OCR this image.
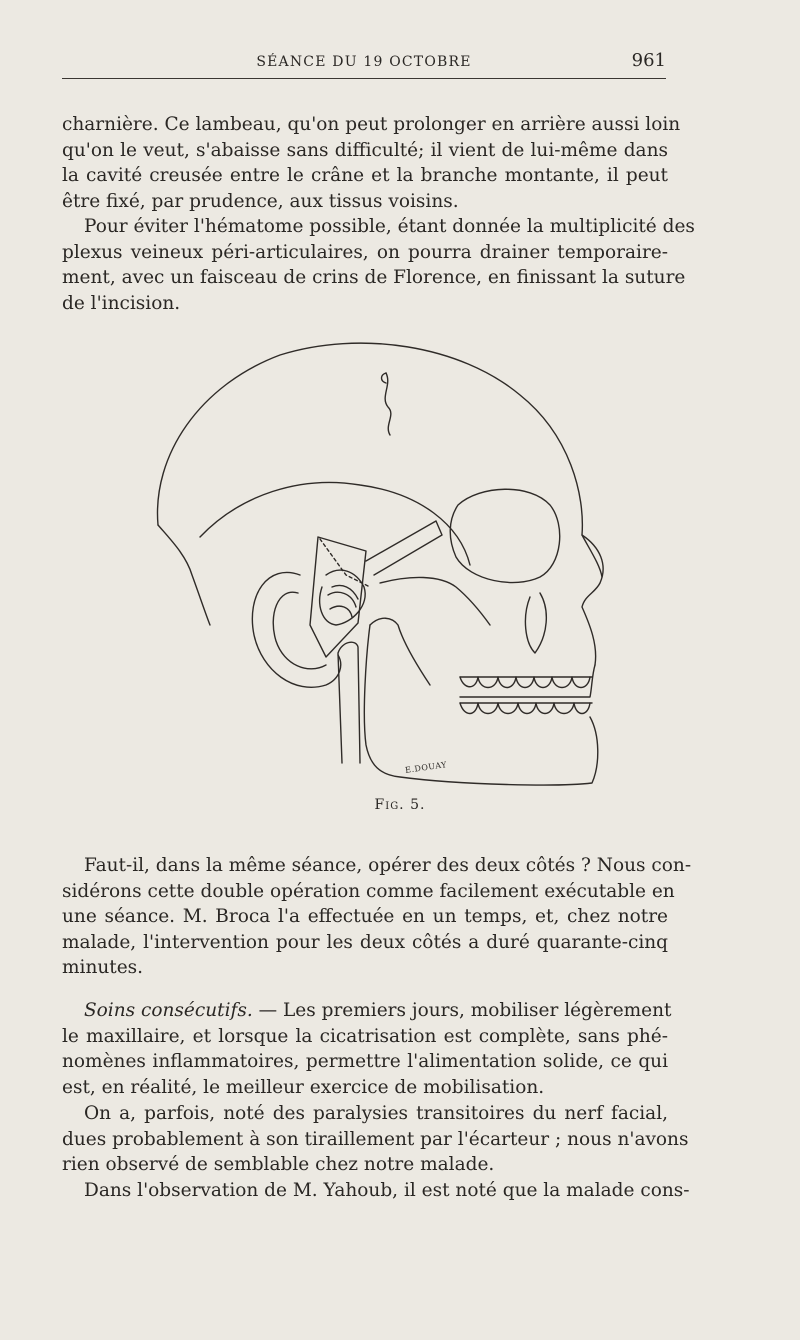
SÉANCE DU 19 OCTOBRE	961

charnière. Ce lambeau, qu'on peut prolonger en arrière aussi loin
qu'on le veut, s'abaisse sans difficulté; il vient de lui-même dans
la cavité creusée entre le crâne et la branche montante, il peut
être fixé, par prudence, aux tissus voisins.

Pour éviter l'hématome possible, étant donnée la multiplicité des
plexus veineux péri-articulaires, on pourra drainer temporaire-
ment, avec un faisceau de crins de Florence, en finissant la suture
de l'incision.

E.DOUAY
Fig. 5.

Faut-il, dans la même séance, opérer des deux côtés ? Nous con-
sidérons cette double opération comme facilement exécutable en
une séance. M. Broca l'a effectuée en un temps, et, chez notre
malade, l'intervention pour les deux côtés a duré quarante-cinq
minutes.

Soins consécutifs. — Les premiers jours, mobiliser légèrement
le maxillaire, et lorsque la cicatrisation est complète, sans phé-
nomènes inflammatoires, permettre l'alimentation solide, ce qui
est, en réalité, le meilleur exercice de mobilisation.

On a, parfois, noté des paralysies transitoires du nerf facial,
dues probablement à son tiraillement par l'écarteur ; nous n'avons
rien observé de semblable chez notre malade.

Dans l'observation de M. Yahoub, il est noté que la malade cons-
